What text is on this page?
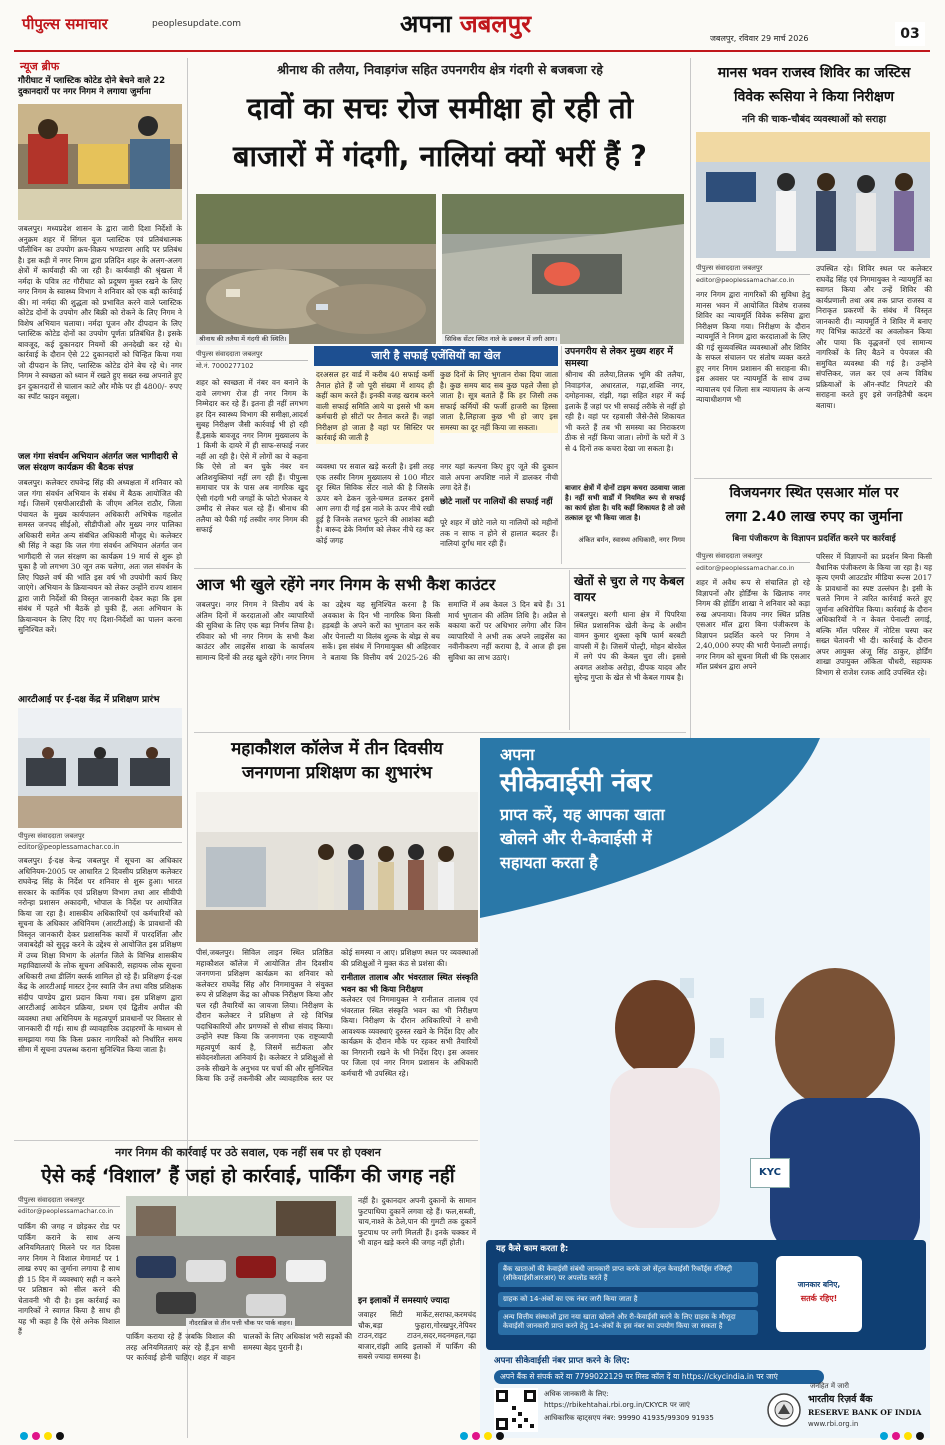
पीपुल्स समाचार	peoplesupdate.com	अपना जबलपुर
जबलपुर, रविवार 29 मार्च 2026	03
न्यूज ब्रीफ
गौरीघाट में प्लास्टिक कोटेड दोने बेचने वाले 22 दुकानदारों पर नगर निगम ने लगाया जुर्माना
जबलपुर। मध्यप्रदेश शासन के द्वारा जारी दिशा निर्देशों के अनुक्रम शहर में सिंगल यूज प्लास्टिक एवं प्रतिबंधात्मक पॉलीथिन का उपयोग क्रय-विक्रय भण्डारण आदि पर प्रतिबंध है। इस कड़ी में नगर निगम द्वारा प्रतिदिन शहर के अलग-अलग क्षेत्रों में कार्यवाही की जा रही है। कार्यवाही की श्रृंखला में नर्मदा के पवित्र तट गौरीघाट को प्रदूषण मुक्त रखने के लिए नगर निगम के स्वास्थ्य विभाग ने शनिवार को एक बड़ी कार्रवाई की। मां नर्मदा की शुद्धता को प्रभावित करने वाले प्लास्टिक कोटेड दोनों के उपयोग और बिक्री को रोकने के लिए निगम ने विशेष अभियान चलाया। नर्मदा पूजन और दीपदान के लिए प्लास्टिक कोटेड दोनों का उपयोग पूर्णतः प्रतिबंधित है। इसके बावजूद, कई दुकानदार नियमों की अनदेखी कर रहे थे। कार्रवाई के दौरान ऐसे 22 दुकानदारों को चिन्हित किया गया जो दीपदान के लिए, प्लास्टिक कोटेड दोने बेच रहे थे। नगर निगम ने स्वच्छता को ध्यान में रखते हुए सख्त रुख अपनाते हुए इन दुकानदारों से चालान काटे और मौके पर ही 4800/- रुपए का स्पॉट फाइन वसूला।
जल गंगा संवर्धन अभियान अंतर्गत जल भागीदारी से जल संरक्षण कार्यक्रम की बैठक संपन्न
जबलपुर। कलेक्टर राघवेन्द्र सिंह की अध्यक्षता में शनिवार को जल गंगा संवर्धन अभियान के संबंध में बैठक आयोजित की गई। जिसमें एसपीआरडीसी के जीएम अनिल राठौर, जिला पंचायत के मुख्य कार्यपालन अधिकारी अभिषेक गहलोत समस्त जनपद सीईओ, सीडीपीओ और मुख्य नगर पालिका अधिकारी समेत अन्य संबंधित अधिकारी मौजूद थे। कलेक्टर श्री सिंह ने कहा कि जल गंगा संवर्धन अभियान अंतर्गत जन भागीदारी से जल संरक्षण का कार्यक्रम 19 मार्च से शुरू हो चुका है जो लगभग 30 जून तक चलेगा, अतः जल संवर्धन के लिए पिछले वर्ष की भांति इस वर्ष भी उपयोगी कार्य किए जाएंगे। अभियान के क्रियान्वयन को लेकर उन्होंने राज्य शासन द्वारा जारी निर्देशों की विस्तृत जानकारी देकर कहा कि इस संबंध में पहले भी बैठकें हो चुकी हैं, अतः अभियान के क्रियान्वयन के लिए दिए गए दिशा-निर्देशों का पालन करना सुनिश्चित करें।
आरटीआई पर ई-दक्ष केंद्र में प्रशिक्षण प्रारंभ
पीपुल्स संवाददाता जबलपुर
editor@peoplessamachar.co.in
जबलपुर। ई-दक्ष केन्द्र जबलपुर में सूचना का अधिकार अधिनियम-2005 पर आधारित 2 दिवसीय प्रशिक्षण कलेक्टर राघवेन्द्र सिंह के निर्देश पर शनिवार से शुरू हुआ। भारत सरकार के कार्मिक एवं प्रशिक्षण विभाग तथा आर सीवीपी नरोन्हा प्रशासन अकादमी, भोपाल के निर्देश पर आयोजित किया जा रहा है। शासकीय अधिकारियों एवं कर्मचारियों को सूचना के अधिकार अधिनियम (आरटीआई) के प्रावधानों की विस्तृत जानकारी देकर प्रशासनिक कार्यों में पारदर्शिता और जवाबदेही को सुदृढ़ करने के उद्देश्य से आयोजित इस प्रशिक्षण में उच्च शिक्षा विभाग के अंतर्गत जिले के विभिन्न शासकीय महाविद्यालयों के लोक सूचना अधिकारी, सहायक लोक सूचना अधिकारी तथा डीलिंग क्लर्क शामिल हो रहे हैं। प्रशिक्षण ई-दक्ष केंद्र के आरटीआई मास्टर ट्रेनर स्वाति जैन तथा वरिष्ठ प्रशिक्षक संदीप पाण्डेय द्वारा प्रदान किया गया। इस प्रशिक्षण द्वारा आरटीआई आवेदन प्रक्रिया, प्रथम एवं द्वितीय अपील की व्यवस्था तथा अधिनियम के महत्वपूर्ण प्रावधानों पर विस्तार से जानकारी दी गई। साथ ही व्यावहारिक उदाहरणों के माध्यम से समझाया गया कि किस प्रकार नागरिकों को निर्धारित समय सीमा में सूचना उपलब्ध कराना सुनिश्चित किया जाता है।
श्रीनाथ की तलैया, निवाड़गंज सहित उपनगरीय क्षेत्र गंदगी से बजबजा रहे
दावों का सचः रोज समीक्षा हो रही तो
बाजारों में गंदगी, नालियां क्यों भरीं हैं ?
श्रीनाथ की तलैया में गंदगी की स्थिति।	सिविक सेंटर स्थित नाले के ढक्कन में लगी आग।
पीपुल्स संवाददाता जबलपुर
मो.नं. 7000277102
शहर को स्वच्छता में नंबर वन बनाने के दावे लगभग रोज ही नगर निगम के निम्मेदार कर रहे हैं। इतना ही नहीं लगभग हर दिन स्वास्थ्य विभाग की समीक्षा,आदर्श सुबह निरीक्षण जैसी कार्रवाई भी हो रही हैं,इसके बावजूद नगर निगम मुख्यालय के 1 किमी के दायरे में ही साफ-सफाई नजर नहीं आ रही है। ऐसे में लोगों का ये कहना कि ऐसे तो बन चुके नंबर वन अतिशयुक्तियां नहीं लग रही हैं। पीपुल्स समाचार पत्र के पास अब नागरिक खुद ऐसी गंदगी भरी जगहों के फोटो भेजकर ये उम्मीद से लेकर चल रहे हैं। श्रीनाथ की तलैया को पैकी गई तस्वीर नगर निगम की सफाई
जारी है सफाई एजेंसियों का खेल
दरअसल हर वार्ड में करीब 40 सफाई कर्मी तैनात होते हैं जो पूरी संख्या में शायद ही कहीं काम करते हैं। इनकी वजह खराब करने वाली सफाई समिति आये या इससे भी कम कर्मचारी हो सीटों पर तैनात करते हैं। जहां निरीक्षण हो जाता है वहां पर सिस्टिर पर कार्रवाई की जाती है
कुछ दिनों के लिए भुगतान रोका दिया जाता है। कुछ समय बाद सब कुछ पहले जैसा हो जाता है। सूत्र बताते हैं कि हर जिसी तक सफाई कर्मियों की फर्जी हाजरी का हिस्सा जाता है,लिहाजा कुछ भी हो जाए इस समस्या का दूर नहीं किया जा सकता।
व्यवस्था पर सवाल खड़े करती है। इसी तरह एक तस्वीर निगम मुख्यालय से 100 मीटर दूर स्थित सिविक सेंटर नाले की है जिसके ऊपर बने ढेकन जुले-चम्मत डलकर इसमें आग लगा दी गई इस नाले के ऊपर नीचे रखी हुई है जिनके तलभर फूटने की आशंका बढ़ी है। बारूद ढेके निर्माण को लेकर नीचे रह कर कोई जगह
नगर यहां कल्पना किए हुए जूते की दुकान वाले अपना अपशिष्ट नाले में डालकर नीची लगा देते हैं।
छोटे नालों पर नालियों की सफाई नहीं
पूरे शहर में छोटे नाले या नालियों को महीनों तक न साफ न होने से हालात बदतर हैं। नालियां दुर्गंध मार रही हैं।
उपनगरीय से लेकर मुख्य शहर में समस्या
श्रीनाथ की तलैया,तिलक भूमि की तलैया, निवाड़गंज, अधारताल, गढ़ा,शक्ति नगर, दमोहनाका, रांझी, गढ़ा सहित शहर में कई इलाके हैं जहां पर भी सफाई तरीके से नहीं हो रही है। वहां पर रहवासी जैसे-तैसे शिकायत भी करते हैं तब भी समस्या का निराकरण ठीक से नहीं किया जाता। लोगों के घरों में 3 से 4 दिनों तक कचरा देखा जा सकता है।
बाजार क्षेत्रों में दोनों टाइम कचरा उठवाया जाता है। नहीं सभी वार्डों में नियमित रूप से सफाई का कार्य होता है। यदि कहीं शिकायत है तो उसे तत्काल दूर भी किया जाता है।
अंकित बर्मन, स्वास्थ्य अधिकारी, नगर निगम
आज भी खुले रहेंगे नगर निगम के सभी कैश काउंटर
जबलपुर। नगर निगम ने वित्तीय वर्ष के अंतिम दिनों में करदाताओं और व्यापारियों की सुविधा के लिए एक बड़ा निर्णय लिया है। रविवार को भी नगर निगम के सभी कैश काउंटर और लाइसेंस शाखा के कार्यालय सामान्य दिनों की तरह खुले रहेंगे। नगर निगम का उद्देश्य यह सुनिश्चित करना है कि अवकाश के दिन भी नागरिक बिना किसी हड़बड़ी के अपने करों का भुगतान कर सकें और पेनाल्टी या विलंब शुल्क के बोझ से बच सकें। इस संबंध में निगमायुक्त श्री अहिरवार ने बताया कि वित्तीय वर्ष 2025-26 की समाप्ति में अब केवल 3 दिन बचे हैं। 31 मार्च भुगतान की अंतिम तिथि है। अप्रैल से बकाया करों पर अधिभार लगेगा और जिन व्यापारियों ने अभी तक अपने लाइसेंस का नवीनीकरण नहीं कराया है, वे आज ही इस सुविधा का लाभ उठाएं।
खेतों से चुरा ले गए केबल वायर
जबलपुर। बरगी थाना क्षेत्र में पिपरिया स्थित प्रशासनिक खेती केन्द्र के अधीन वामन कुमार शुक्ला कृषि फार्म बरबटी वापसी में है। जिसमें पोल्ट्री, मोहन बोरवेल में लगे पंप की केबल चुरा ली। इससे अवगत अशोक अरोड़ा, दीपक यादव और सुरेन्द्र गुप्ता के खेत से भी केबल गायब है।
महाकौशल कॉलेज में तीन दिवसीय
जनगणना प्रशिक्षण का शुभारंभ
पीसं,जबलपुर। सिविल लाइन स्थित प्रतिष्ठित महाकौशल कॉलेज में आयोजित तीन दिवसीय जनगणना प्रशिक्षण कार्यक्रम का शनिवार को कलेक्टर राघवेंद्र सिंह और निगमायुक्त ने संयुक्त रूप से प्रशिक्षण केंद्र का औचक निरीक्षण किया और चल रही तैयारियों का जायजा लिया। निरीक्षण के दौरान कलेक्टर ने प्रशिक्षण ले रहे विभिन्न पदाधिकारियों और प्रगणकों से सीधा संवाद किया। उन्होंने स्पष्ट किया कि जनगणना एक राष्ट्रव्यापी महत्वपूर्ण कार्य है, जिसमें सटीकता और संवेदनशीलता अनिवार्य है। कलेक्टर ने प्रशिक्षुओं से उनके सीखने के अनुभव पर चर्चा की और सुनिश्चित किया कि उन्हें तकनीकी और व्यावहारिक स्तर पर कोई समस्या न आए। प्रशिक्षण स्थल पर व्यवस्थाओं की प्रशिक्षुओं ने मुक्त कंठ से प्रशंसा की।
रानीताल तालाब और भंवरताल स्थित संस्कृति भवन का भी किया निरीक्षण
कलेक्टर एवं निगमायुक्त ने रानीताल तालाब एवं भंवरताल स्थित संस्कृति भवन का भी निरीक्षण किया। निरीक्षण के दौरान अधिकारियों ने सभी आवश्यक व्यवस्थाएं दुरुस्त रखने के निर्देश दिए और कार्यक्रम के दौरान मौके पर रहकर सभी तैयारियों का निगरानी रखने के भी निर्देश दिए। इस अवसर पर जिला एवं नगर निगम प्रशासन के अधिकारी कर्मचारी भी उपस्थित रहे।
मानस भवन राजस्व शिविर का जस्टिस
विवेक रूसिया ने किया निरीक्षण
ननि की चाक-चौबंद व्यवस्थाओं को सराहा
पीपुल्स संवाददाता जबलपुर
editor@peoplessamachar.co.in
नगर निगम द्वारा नागरिकों की सुविधा हेतु मानस भवन में आयोजित विशेष राजस्व शिविर का न्यायमूर्ति विवेक रूसिया द्वारा निरीक्षण किया गया। निरीक्षण के दौरान न्यायमूर्ति ने निगम द्वारा करदाताओं के लिए की गई सुव्यवस्थित व्यवस्थाओं और शिविर के सफल संचालन पर संतोष व्यक्त करते हुए नगर निगम प्रशासन की सराहना की। इस अवसर पर न्यायमूर्ति के साथ उच्च न्यायालय एवं जिला सत्र न्यायालय के अन्य न्यायाधीशगण भी
उपस्थित रहे। शिविर स्थल पर कलेक्टर राघवेंद्र सिंह एवं निगमायुक्त ने न्यायमूर्ति का स्वागत किया और उन्हें शिविर की कार्यप्रणाली तथा अब तक प्राप्त राजस्व व निराकृत प्रकरणों के संबंध में विस्तृत जानकारी दी। न्यायमूर्ति ने शिविर में बनाए गए विभिन्न काउंटरों का अवलोकन किया और पाया कि वृद्धजनों एवं सामान्य नागरिकों के लिए बैठने व पेयजल की समुचित व्यवस्था की गई है। उन्होंने संपत्तिकर, जल कर एवं अन्य विविध प्रक्रियाओं के ऑन-स्पॉट निपटारे की सराहना करते हुए इसे जनहितैषी कदम बताया।
विजयनगर स्थित एसआर मॉल पर
लगा 2.40 लाख रुपए का जुर्माना
बिना पंजीकरण के विज्ञापन प्रदर्शित करने पर कार्रवाई
पीपुल्स संवाददाता जबलपुर
editor@peoplessamachar.co.in
शहर में अवैध रूप से संचालित हो रहे विज्ञापनों और होर्डिंग्स के खिलाफ नगर निगम की होर्डिंग शाखा ने शनिवार को कड़ा रुख अपनाया। विजय नगर स्थित प्रतिष्ठ एसआर मॉल द्वारा बिना पंजीकरण के विज्ञापन प्रदर्शित करने पर निगम ने 2,40,000 रुपए की भारी पेनाल्टी लगाई। नगर निगम को सूचना मिली थी कि एसआर मॉल प्रबंधन द्वारा अपने
परिसर में विज्ञापनों का प्रदर्शन बिना किसी वैधानिक पंजीकरण के किया जा रहा है। यह कृत्य एमपी आउटडोर मीडिया रूल्स 2017 के प्रावधानों का स्पष्ट उल्लंघन है। इसी के चलते निगम ने त्वरित कार्रवाई करते हुए जुर्माना अधिरोपित किया। कार्रवाई के दौरान अधिकारियों ने न केवल पेनाल्टी लगाई, बल्कि मॉल परिसर में नोटिस चस्पा कर सख्त चेतावनी भी दी। कार्रवाई के दौरान अपर आयुक्त अंजू सिंह ठाकुर, होर्डिंग शाखा उपायुक्त अंकिता चौधरी, सहायक विभाग से राजेश रजक आदि उपस्थित रहे।
अपना
सीकेवाईसी नंबर
प्राप्त करें, यह आपका खाता
खोलने और री-केवाईसी में
सहायता करता है
KYC
यह कैसे काम करता है:
बैंक खाताओं की केवाईसी संबंधी जानकारी प्राप्त करके उसे सेंट्रल केवाईसी रिकॉर्ड्स रजिस्ट्री (सीकेवाईसीआरआर) पर अपलोड करते हैं
ग्राहक को 14-अंकों का एक नंबर जारी किया जाता है
अन्य वित्तीय संस्थाओं द्वारा नया खाता खोलने और री-केवाईसी करने के लिए ग्राहक के मौजूदा केवाईसी जानकारी प्राप्त करने हेतु 14-अंकों के इस नंबर का उपयोग किया जा सकता है
जानकार बनिए,
सतर्क रहिए!
अपना सीकेवाईसी नंबर प्राप्त करने के लिए:
अपने बैंक से संपर्क करें या 7799022129 पर मिस्ड कॉल दें या https://ckycindia.in पर जाएं
अधिक जानकारी के लिए:
https://rbikehtahai.rbi.org.in/CKYCR पर जाएं
आधिकारिक व्हाट्सएप नंबर: 99990 41935/99309 91935
जनहित में जारी
भारतीय रिज़र्व बैंक
RESERVE BANK OF INDIA
www.rbi.org.in
नगर निगम की कार्रवाई पर उठे सवाल, एक नहीं सब पर हो एक्शन
ऐसे कई ‘विशाल’ हैं जहां हो कार्रवाई, पार्किंग की जगह नहीं
पीपुल्स संवाददाता जबलपुर
editor@peoplessamachar.co.in
पार्किंग की जगह न छोड़कर रोड पर पार्किंग कराने के साथ अन्य अनियमितताएं मिलने पर गत दिवस नगर निगम ने विशाल मेगामार्ट पर 1 लाख रुपए का जुर्माना लगाया है साथ ही 15 दिन में व्यवस्थाएं सही न करने पर प्रतिष्ठान को सील करने की चेतावनी भी दी है। इस कार्रवाई का नागरिकों ने स्वागत किया है साथ ही यह भी कहा है कि ऐसे अनेक विशाल हैं
नौदराब्रिज से तीन पत्ती चौक पर पार्क वाहन।
पार्किंग कराया रहे हैं जबकि विशाल की तरह अनियमितताएं कर रहे हैं,इन सभी पर कार्रवाई होनी चाहिए। शहर में वाहन चालकों के लिए अधिकांश भरी सड़कों की समस्या बेहद पुरानी है।
नहीं है। दुकानदार अपनी दुकानों के सामान फुटपाथिया दुकानें लगवा रहे हैं। फल,सब्जी, चाय,नाश्ते के ठेले,पान की गुमटी तक दुकानें फुटपाथ पर लगी मिलती हैं। इनके चक्कर में भी वाहन खड़े करने की जगह नहीं होती।
इन इलाकों में समस्याएं ज्यादा
जवाहर सिटी मार्केट,सराफा,करमचंद चौक,बड़ा फुहारा,गोरखपुर,नेपियर टाउन,राइट टाउन,सदर,मदनमहल,गढ़ा बाजार,रांझी आदि इलाकों में पार्किंग की सबसे ज्यादा समस्या है।
